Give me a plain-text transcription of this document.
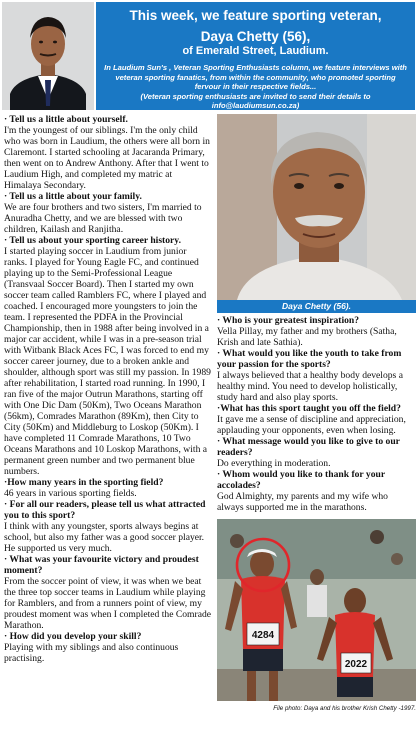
This week, we feature sporting veteran,
Daya Chetty (56),
of Emerald Street, Laudium.
In Laudium Sun's , Veteran Sporting Enthusiasts column, we feature interviews with veteran sporting fanatics, from within the community, who promoted sporting fervour in their respective fields...
(Veteran sporting enthusiasts are invited to send their details to info@laudiumsun.co.za)

· Tell us a little about yourself.

I'm the youngest of our siblings. I'm the only child who was born in Laudium, the others were all born in Claremont. I started schooling at Jacaranda Primary, then went on to Andrew Anthony. After that I went to Laudium High, and completed my matric at Himalaya Secondary.

· Tell us a little about your family.

We are four brothers and two sisters, I'm married to Anuradha Chetty, and we are blessed with two children, Kailash and Ranjitha.

· Tell us about your sporting career history.

I started playing soccer in Laudium from junior ranks. I played for Young Eagle FC, and continued playing up to the Semi-Professional League (Transvaal Soccer Board). Then I started my own soccer team called Ramblers FC, where I played and coached. I encouraged more youngsters to join the team. I represented the PDFA in the Provincial Championship, then in 1988 after being involved in a major car accident, while I was in a pre-season trial with Witbank Black Aces FC, I was forced to end my soccer career journey, due to a broken ankle and shoulder, although sport was still my passion. In 1989 after rehabilitation, I started road running. In 1990, I ran five of the major Outrun Marathons, starting off with One Dic Dam (50Km), Two Oceans Marathon (56km), Comrades Marathon (89Km), then City to City (50Km) and Middleburg to Loskop (50Km). I have completed 11 Comrade Marathons, 10 Two Oceans Marathons and 10 Loskop Marathons, with a permanent green number and two permanent blue numbers.

·How many years in the sporting field?

46 years in various sporting fields.

· For all our readers, please tell us what attracted you to this sport?

I think with any youngster, sports always begins at school, but also my father was a good soccer player. He supported us very much.

· What was your favourite victory and proudest moment?

From the soccer point of view, it was when we beat the three top soccer teams in Laudium while playing for Ramblers, and from a runners point of view, my proudest moment was when I completed the Comrade Marathon.

· How did you develop your skill?

Playing with my siblings and also continuous practising.

Daya Chetty (56).

· Who is your greatest inspiration?

Vella Pillay, my father and my brothers (Satha, Krish and late Sathia).

· What would you like the youth to take from your passion for the sports?

I always believed that a healthy body develops a healthy mind. You need to develop holistically, study hard and also play sports.

·What has this sport taught you off the field?

It gave me a sense of discipline and appreciation, applauding your opponents, even when losing.

· What message would you like to give to our readers?

Do everything in moderation.

· Whom would you like to thank for your accolades?

God Almighty, my parents and my wife who always supported me in the marathons.

4284
2022
File photo: Daya and his brother Krish Chetty -1997.
